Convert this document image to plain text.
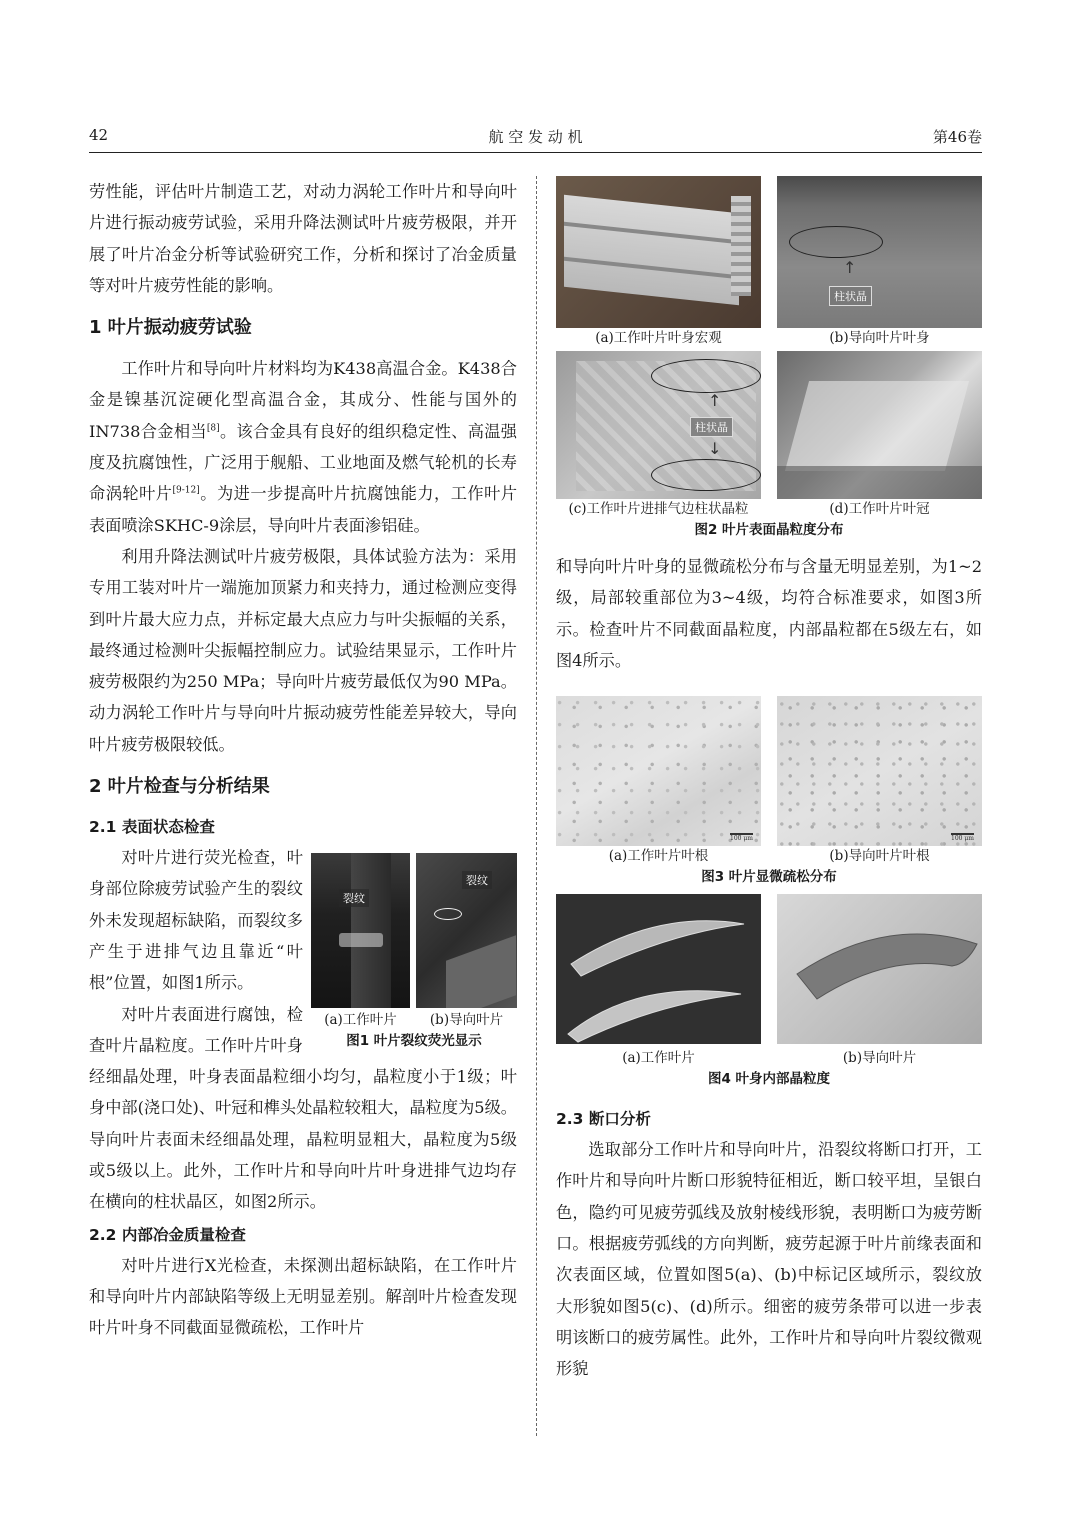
42	航 空 发 动 机	第46卷

劳性能，评估叶片制造工艺，对动力涡轮工作叶片和导向叶片进行振动疲劳试验，采用升降法测试叶片疲劳极限，并开展了叶片冶金分析等试验研究工作，分析和探讨了冶金质量等对叶片疲劳性能的影响。

1 叶片振动疲劳试验

工作叶片和导向叶片材料均为K438高温合金。K438合金是镍基沉淀硬化型高温合金，其成分、性能与国外的IN738合金相当[8]。该合金具有良好的组织稳定性、高温强度及抗腐蚀性，广泛用于舰船、工业地面及燃气轮机的长寿命涡轮叶片[9-12]。为进一步提高叶片抗腐蚀能力，工作叶片表面喷涂SKHC-9涂层，导向叶片表面渗铝硅。

利用升降法测试叶片疲劳极限，具体试验方法为：采用专用工装对叶片一端施加顶紧力和夹持力，通过检测应变得到叶片最大应力点，并标定最大点应力与叶尖振幅的关系，最终通过检测叶尖振幅控制应力。试验结果显示，工作叶片疲劳极限约为250 MPa；导向叶片疲劳最低仅为90 MPa。动力涡轮工作叶片与导向叶片振动疲劳性能差异较大，导向叶片疲劳极限较低。

2 叶片检查与分析结果
2.1 表面状态检查
裂纹
裂纹
(a)工作叶片	(b)导向叶片
图1 叶片裂纹荧光显示

对叶片进行荧光检查，叶身部位除疲劳试验产生的裂纹外未发现超标缺陷，而裂纹多产生于进排气边且靠近“叶根”位置，如图1所示。

对叶片表面进行腐蚀，检查叶片晶粒度。工作叶片叶身经细晶处理，叶身表面晶粒细小均匀，晶粒度小于1级；叶身中部(浇口处)、叶冠和榫头处晶粒较粗大，晶粒度为5级。导向叶片表面未经细晶处理，晶粒明显粗大，晶粒度为5级或5级以上。此外，工作叶片和导向叶片叶身进排气边均存在横向的柱状晶区，如图2所示。

2.2 内部冶金质量检查

对叶片进行X光检查，未探测出超标缺陷，在工作叶片和导向叶片内部缺陷等级上无明显差别。解剖叶片检查发现叶片叶身不同截面显微疏松，工作叶片

↑
柱状晶
(a)工作叶片叶身宏观	(b)导向叶片叶身
↑
↓
柱状晶
(c)工作叶片进排气边柱状晶粒	(d)工作叶片叶冠
图2 叶片表面晶粒度分布

和导向叶片叶身的显微疏松分布与含量无明显差别，为1~2级，局部较重部位为3~4级，均符合标准要求，如图3所示。检查叶片不同截面晶粒度，内部晶粒都在5级左右，如图4所示。

100 μm	100 μm
(a)工作叶片叶根	(b)导向叶片叶根
图3 叶片显微疏松分布
(a)工作叶片	(b)导向叶片
图4 叶身内部晶粒度
2.3 断口分析

选取部分工作叶片和导向叶片，沿裂纹将断口打开，工作叶片和导向叶片断口形貌特征相近，断口较平坦，呈银白色，隐约可见疲劳弧线及放射棱线形貌，表明断口为疲劳断口。根据疲劳弧线的方向判断，疲劳起源于叶片前缘表面和次表面区域，位置如图5(a)、(b)中标记区域所示，裂纹放大形貌如图5(c)、(d)所示。细密的疲劳条带可以进一步表明该断口的疲劳属性。此外，工作叶片和导向叶片裂纹微观形貌
